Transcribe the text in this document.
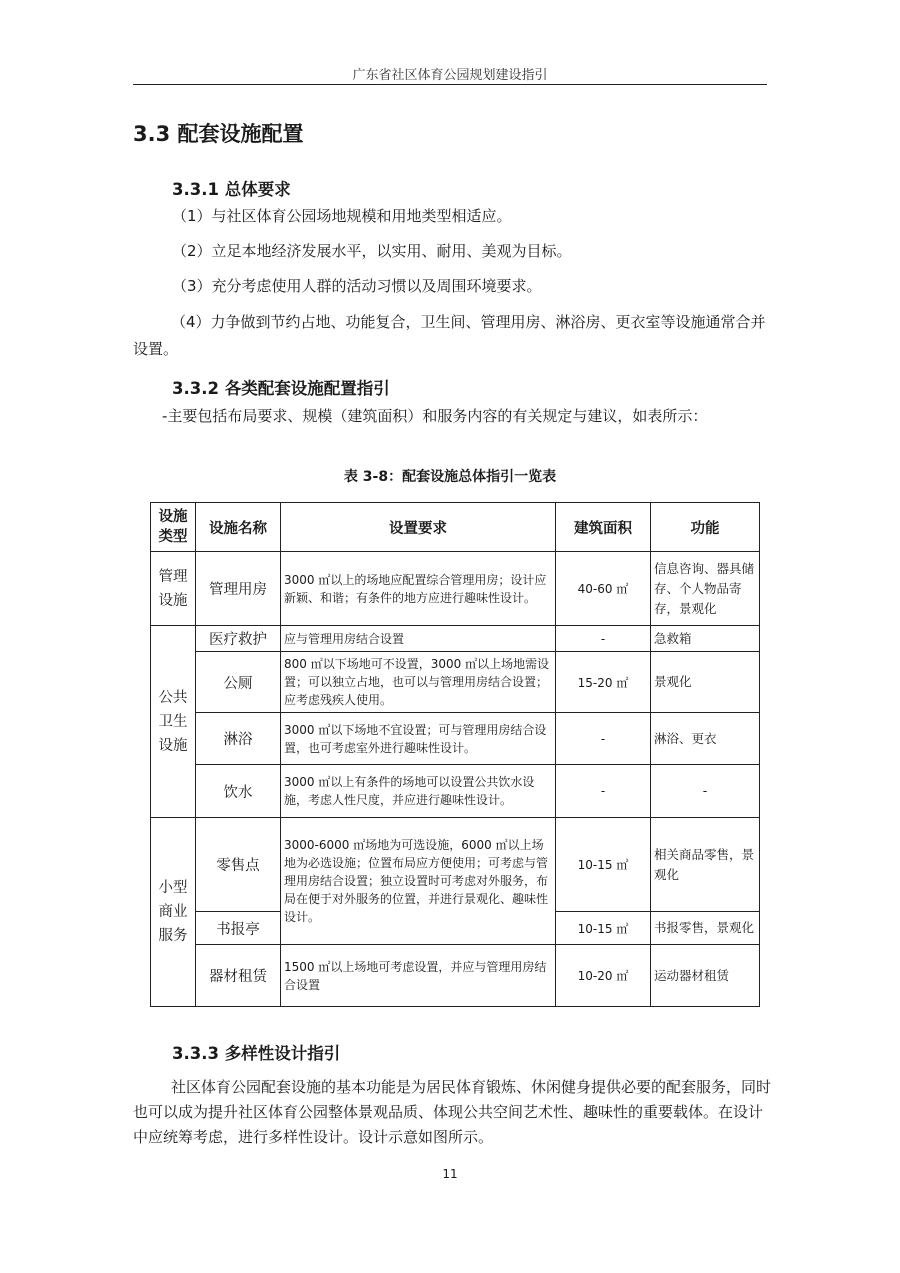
广东省社区体育公园规划建设指引
3.3 配套设施配置
3.3.1 总体要求
（1）与社区体育公园场地规模和用地类型相适应。
（2）立足本地经济发展水平，以实用、耐用、美观为目标。
（3）充分考虑使用人群的活动习惯以及周围环境要求。
（4）力争做到节约占地、功能复合，卫生间、管理用房、淋浴房、更衣室等设施通常合并设置。
3.3.2 各类配套设施配置指引
-主要包括布局要求、规模（建筑面积）和服务内容的有关规定与建议，如表所示：
表 3-8：配套设施总体指引一览表
设施类型	设施名称	设置要求	建筑面积	功能
管理设施	管理用房	3000 ㎡以上的场地应配置综合管理用房；设计应新颖、和谐；有条件的地方应进行趣味性设计。	40-60 ㎡	信息咨询、器具储存、个人物品寄存，景观化
公共卫生设施	医疗救护	应与管理用房结合设置	-	急救箱
	公厕	800 ㎡以下场地可不设置，3000 ㎡以上场地需设置；可以独立占地，也可以与管理用房结合设置；应考虑残疾人使用。	15-20 ㎡	景观化
	淋浴	3000 ㎡以下场地不宜设置；可与管理用房结合设置，也可考虑室外进行趣味性设计。	-	淋浴、更衣
	饮水	3000 ㎡以上有条件的场地可以设置公共饮水设施，考虑人性尺度，并应进行趣味性设计。	-	-
小型商业服务	零售点	3000-6000 ㎡场地为可选设施，6000 ㎡以上场地为必选设施；位置布局应方便使用；可考虑与管理用房结合设置；独立设置时可考虑对外服务，布局在便于对外服务的位置，并进行景观化、趣味性设计。	10-15 ㎡	相关商品零售，景观化
	书报亭		10-15 ㎡	书报零售，景观化
	器材租赁	1500 ㎡以上场地可考虑设置，并应与管理用房结合设置	10-20 ㎡	运动器材租赁
3.3.3 多样性设计指引
社区体育公园配套设施的基本功能是为居民体育锻炼、休闲健身提供必要的配套服务，同时也可以成为提升社区体育公园整体景观品质、体现公共空间艺术性、趣味性的重要载体。在设计中应统筹考虑，进行多样性设计。设计示意如图所示。
11
